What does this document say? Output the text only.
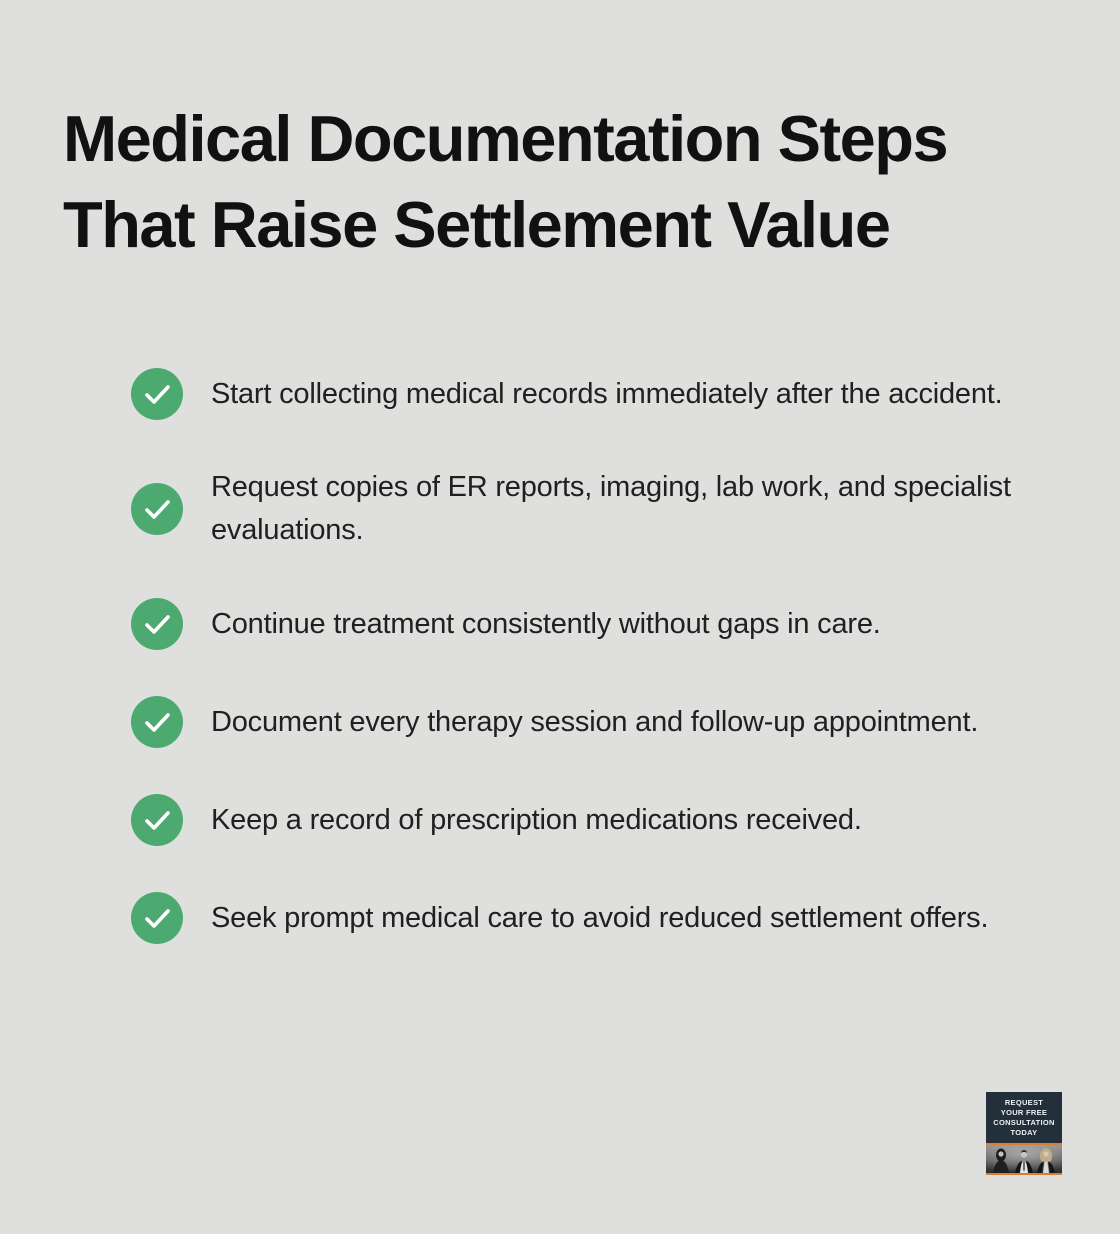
Medical Documentation Steps
That Raise Settlement Value
Start collecting medical records immediately after the accident.
Request copies of ER reports, imaging, lab work, and specialist evaluations.
Continue treatment consistently without gaps in care.
Document every therapy session and follow-up appointment.
Keep a record of prescription medications received.
Seek prompt medical care to avoid reduced settlement offers.
REQUEST
YOUR FREE
CONSULTATION
TODAY
